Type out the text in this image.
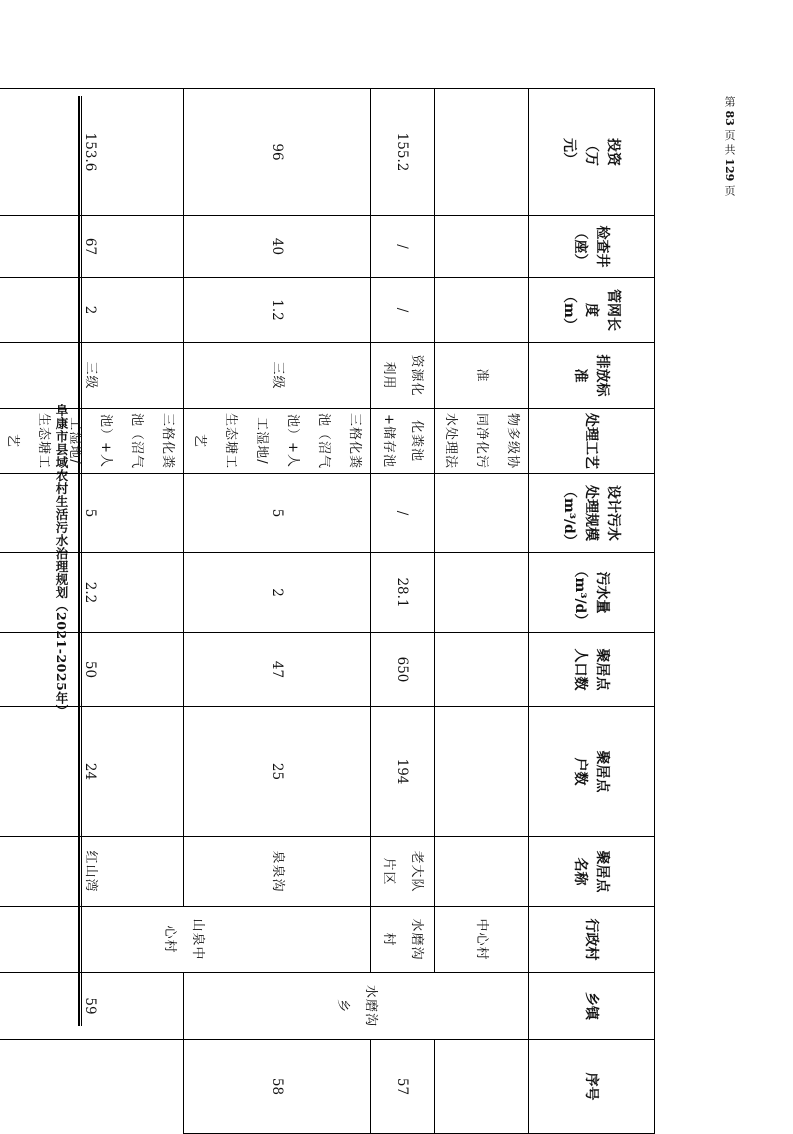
阜康市县域农村生活污水治理规划（2021-2025年）
第 83 页 共 129 页
投资（万元）	检查井（座）	管网长度（m）	排放标准	处理工艺	设计污水处理规模（m³/d）	污水量（m³/d）	聚居点人口数	聚居点户数	聚居点名称	行政村	乡镇	序号
			准	物多级协同净化污水处理法						中心村	水磨沟乡	
155.2	/	/	资源化利用	化粪池+储存池	/	28.1	650	194	老大队片区	水磨沟村		57
96	40	1.2	三级	三格化粪池（沼气池）+人工湿地/生态塘工艺	5	2	47	25	泉泉沟	山泉中心村		58
153.6	67	2	三级	三格化粪池（沼气池）+人工湿地/生态塘工艺	5	2.2	50	24	红山湾		59	
